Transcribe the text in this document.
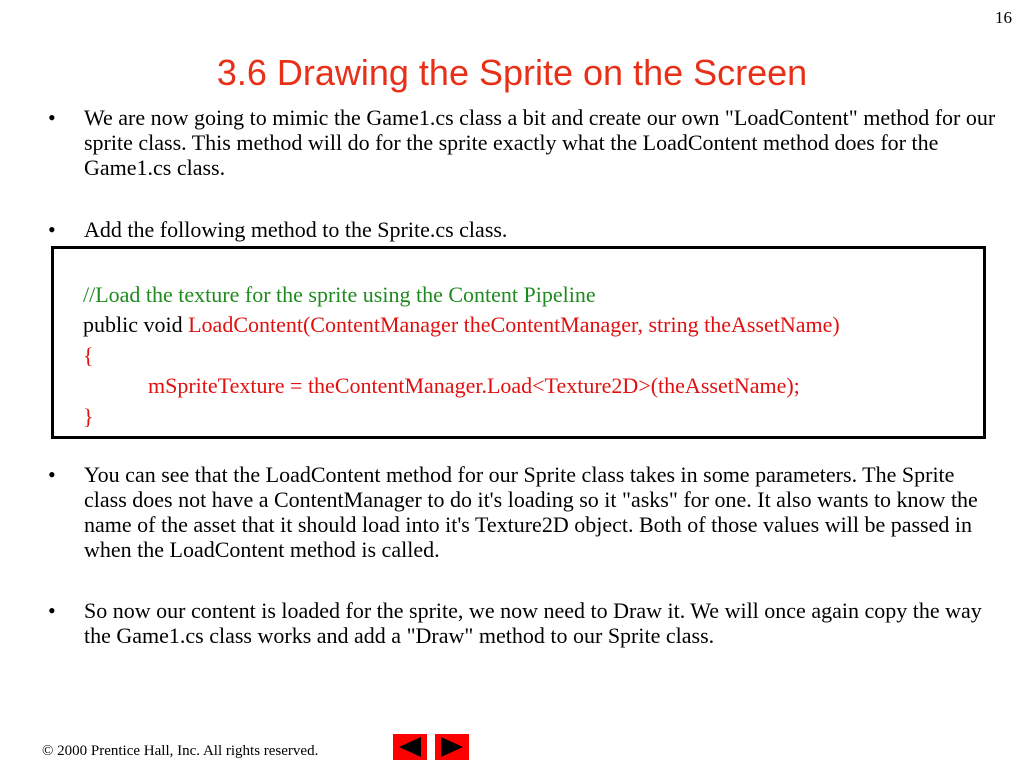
16
3.6 Drawing the Sprite on the Screen
• We are now going to mimic the Game1.cs class a bit and create our own "LoadContent" method for our sprite class. This method will do for the sprite exactly what the LoadContent method does for the Game1.cs class.
• Add the following method to the Sprite.cs class.
//Load the texture for the sprite using the Content Pipeline
public void LoadContent(ContentManager theContentManager, string theAssetName)
{
mSpriteTexture = theContentManager.Load<Texture2D>(theAssetName);
}
• You can see that the LoadContent method for our Sprite class takes in some parameters. The Sprite class does not have a ContentManager to do it's loading so it "asks" for one. It also wants to know the name of the asset that it should load into it's Texture2D object. Both of those values will be passed in when the LoadContent method is called.
• So now our content is loaded for the sprite, we now need to Draw it. We will once again copy the way the Game1.cs class works and add a "Draw" method to our Sprite class.
© 2000 Prentice Hall, Inc. All rights reserved.
